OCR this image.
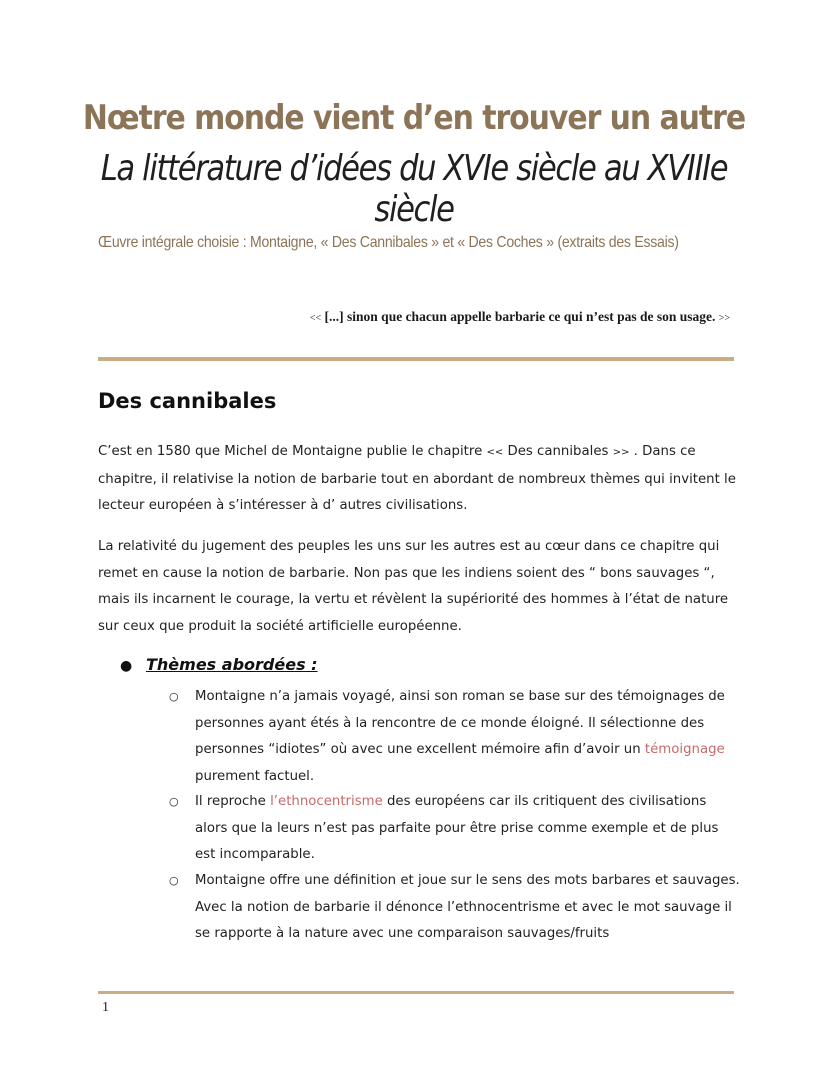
Nœtre monde vient d’en trouver un autre
La littérature d’idées du XVIe siècle au XVIIIe siècle
Œuvre intégrale choisie : Montaigne, « Des Cannibales » et « Des Coches » (extraits des Essais)
<< [...] sinon que chacun appelle barbarie ce qui n’est pas de son usage. >>
Des cannibales
C’est en 1580 que Michel de Montaigne publie le chapitre << Des cannibales >> . Dans ce chapitre, il relativise la notion de barbarie tout en abordant de nombreux thèmes qui invitent le lecteur européen à s’intéresser à d’ autres civilisations.
La relativité du jugement des peuples les uns sur les autres est au cœur dans ce chapitre qui remet en cause la notion de barbarie. Non pas que les indiens soient des “ bons sauvages “, mais ils incarnent le courage, la vertu et révèlent la supériorité des hommes à l’état de nature sur ceux que produit la société artificielle européenne.
● Thèmes abordées :
○ Montaigne n’a jamais voyagé, ainsi son roman se base sur des témoignages de personnes ayant étés à la rencontre de ce monde éloigné. Il sélectionne des personnes “idiotes” où avec une excellent mémoire afin d’avoir un témoignage purement factuel.
○ Il reproche l’ethnocentrisme des européens car ils critiquent des civilisations alors que la leurs n’est pas parfaite pour être prise comme exemple et de plus est incomparable.
○ Montaigne offre une définition et joue sur le sens des mots barbares et sauvages. Avec la notion de barbarie il dénonce l’ethnocentrisme et avec le mot sauvage il se rapporte à la nature avec une comparaison sauvages/fruits
1
